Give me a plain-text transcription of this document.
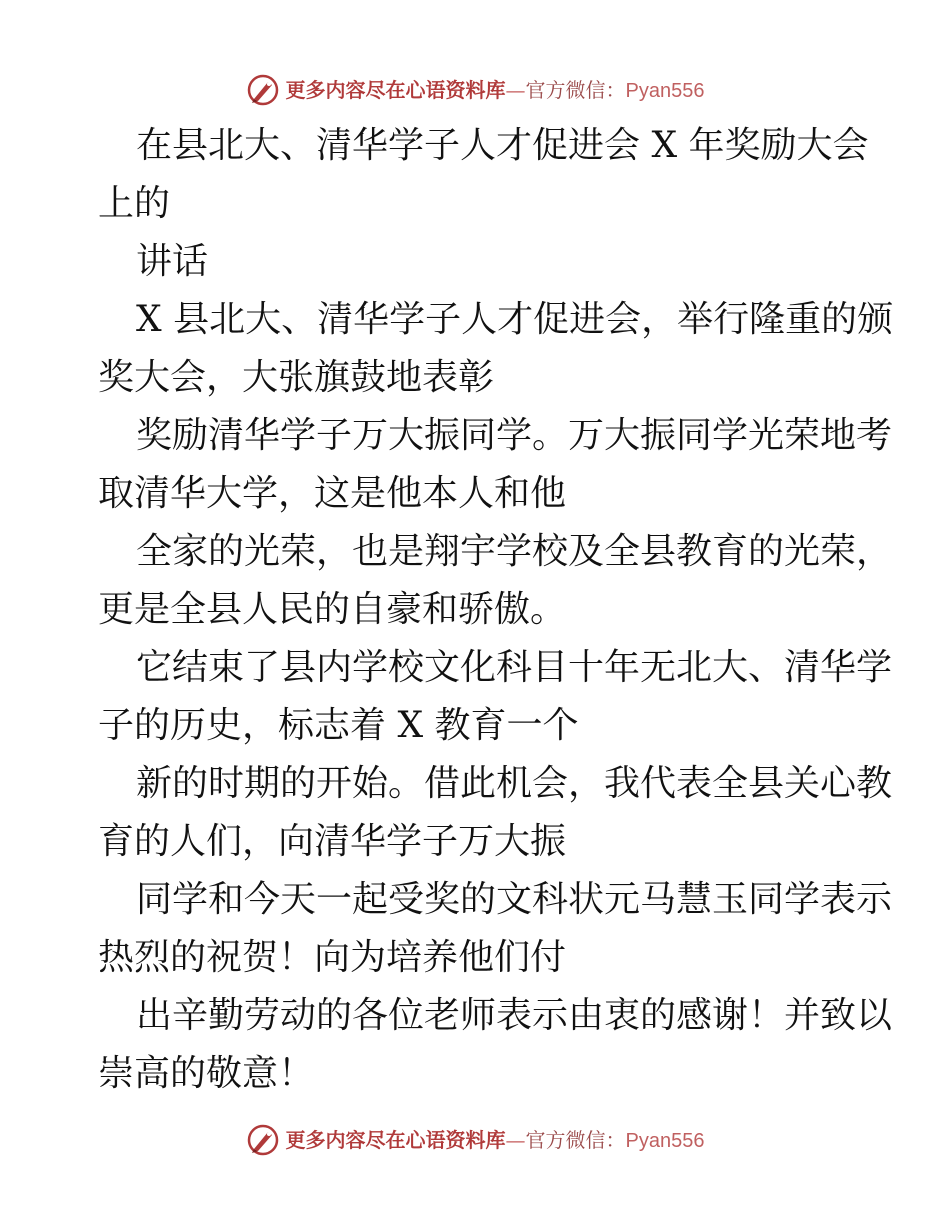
更多内容尽在心语资料库 — 官方微信： Pyan556

在县北大、清华学子人才促进会 X 年奖励大会
上的

讲话

X 县北大、清华学子人才促进会，举行隆重的颁
奖大会，大张旗鼓地表彰

奖励清华学子万大振同学。万大振同学光荣地考
取清华大学，这是他本人和他

全家的光荣，也是翔宇学校及全县教育的光荣，
更是全县人民的自豪和骄傲。

它结束了县内学校文化科目十年无北大、清华学
子的历史，标志着 X 教育一个

新的时期的开始。借此机会，我代表全县关心教
育的人们，向清华学子万大振

同学和今天一起受奖的文科状元马慧玉同学表示
热烈的祝贺！向为培养他们付

出辛勤劳动的各位老师表示由衷的感谢！并致以
崇高的敬意！

更多内容尽在心语资料库 — 官方微信： Pyan556
